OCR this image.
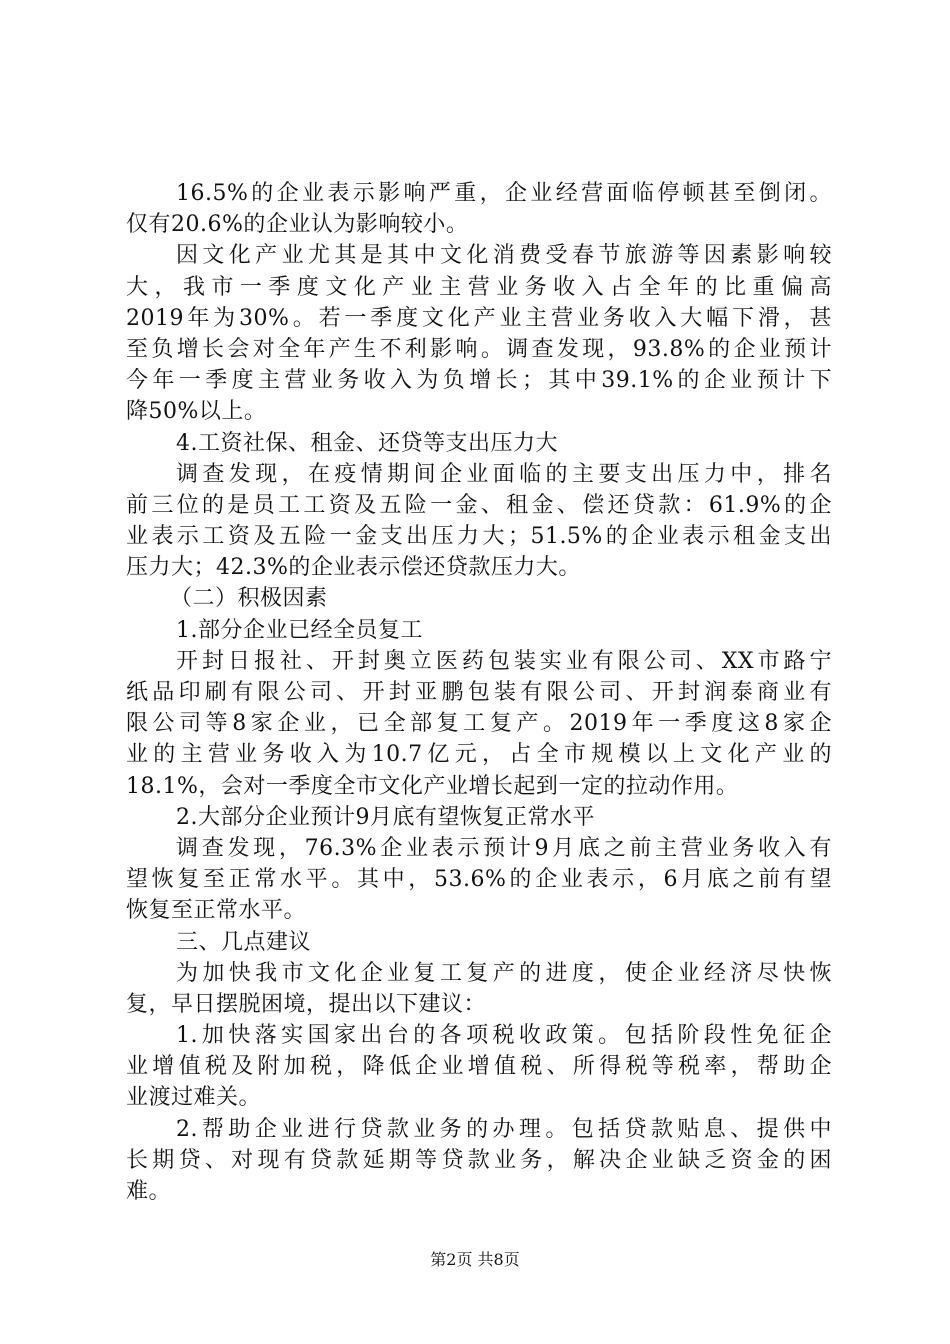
16.5%的企业表示影响严重，企业经营面临停顿甚至倒闭。
仅有20.6%的企业认为影响较小。
因文化产业尤其是其中文化消费受春节旅游等因素影响较
大，我市一季度文化产业主营业务收入占全年的比重偏高
2019年为30%。若一季度文化产业主营业务收入大幅下滑，甚
至负增长会对全年产生不利影响。调查发现，93.8%的企业预计
今年一季度主营业务收入为负增长；其中39.1%的企业预计下
降50%以上。
4.工资社保、租金、还贷等支出压力大
调查发现，在疫情期间企业面临的主要支出压力中，排名
前三位的是员工工资及五险一金、租金、偿还贷款：61.9%的企
业表示工资及五险一金支出压力大；51.5%的企业表示租金支出
压力大；42.3%的企业表示偿还贷款压力大。
（二）积极因素
1.部分企业已经全员复工
开封日报社、开封奥立医药包装实业有限公司、XX市路宁
纸品印刷有限公司、开封亚鹏包装有限公司、开封润泰商业有
限公司等8家企业，已全部复工复产。2019年一季度这8家企
业的主营业务收入为10.7亿元，占全市规模以上文化产业的
18.1%，会对一季度全市文化产业增长起到一定的拉动作用。
2.大部分企业预计9月底有望恢复正常水平
调查发现，76.3%企业表示预计9月底之前主营业务收入有
望恢复至正常水平。其中，53.6%的企业表示，6月底之前有望
恢复至正常水平。
三、几点建议
为加快我市文化企业复工复产的进度，使企业经济尽快恢
复，早日摆脱困境，提出以下建议：
1.加快落实国家出台的各项税收政策。包括阶段性免征企
业增值税及附加税，降低企业增值税、所得税等税率，帮助企
业渡过难关。
2.帮助企业进行贷款业务的办理。包括贷款贴息、提供中
长期贷、对现有贷款延期等贷款业务，解决企业缺乏资金的困
难。
第2页 共8页
